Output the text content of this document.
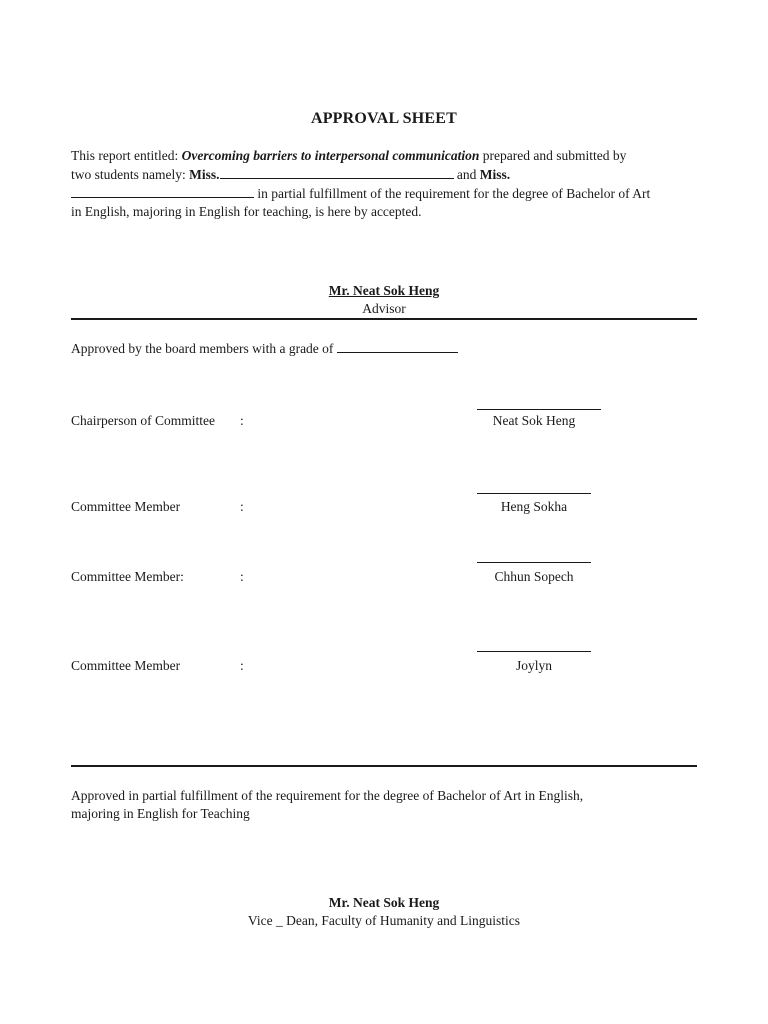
APPROVAL SHEET
This report entitled: Overcoming barriers to interpersonal communication prepared and submitted by
two students namely: Miss.	and Miss.
in partial fulfillment of the requirement for the degree of Bachelor of Art
in English, majoring in English for teaching, is here by accepted.
Mr. Neat Sok Heng
Advisor
Approved by the board members with a grade of
Chairperson of Committee :	Neat Sok Heng
Committee Member	:	Heng Sokha
Committee Member:	:	Chhun Sopech
Committee Member	:	Joylyn
Approved in partial fulfillment of the requirement for the degree of Bachelor of Art in English,
majoring in English for Teaching
Mr. Neat Sok Heng
Vice _ Dean, Faculty of Humanity and Linguistics
